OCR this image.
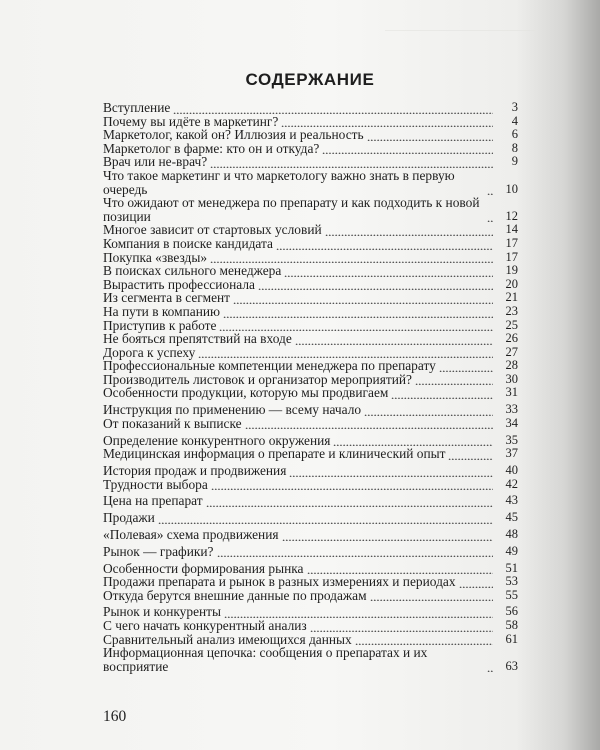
СОДЕРЖАНИЕ
Вступление	3
Почему вы идёте в маркетинг?	4
Маркетолог, какой он? Иллюзия и реальность	6
Маркетолог в фарме: кто он и откуда?	8
Врач или не-врач?	9
Что такое маркетинг и что маркетологу важно знать в первую очередь	10
Что ожидают от менеджера по препарату и как подходить к новой позиции	12
Многое зависит от стартовых условий	14
Компания в поиске кандидата	17
Покупка «звезды»	17
В поисках сильного менеджера	19
Вырастить профессионала	20
Из сегмента в сегмент	21
На пути в компанию	23
Приступив к работе	25
Не бояться препятствий на входе	26
Дорога к успеху	27
Профессиональные компетенции менеджера по препарату	28
Производитель листовок и организатор мероприятий?	30
Особенности продукции, которую мы продвигаем	31
Инструкция по применению — всему начало	33
От показаний к выписке	34
Определение конкурентного окружения	35
Медицинская информация о препарате и клинический опыт	37
История продаж и продвижения	40
Трудности выбора	42
Цена на препарат	43
Продажи	45
«Полевая» схема продвижения	48
Рынок — графики?	49
Особенности формирования рынка	51
Продажи препарата и рынок в разных измерениях и периодах	53
Откуда берутся внешние данные по продажам	55
Рынок и конкуренты	56
С чего начать конкурентный анализ	58
Сравнительный анализ имеющихся данных	61
Информационная цепочка: сообщения о препаратах и их восприятие	63
160
